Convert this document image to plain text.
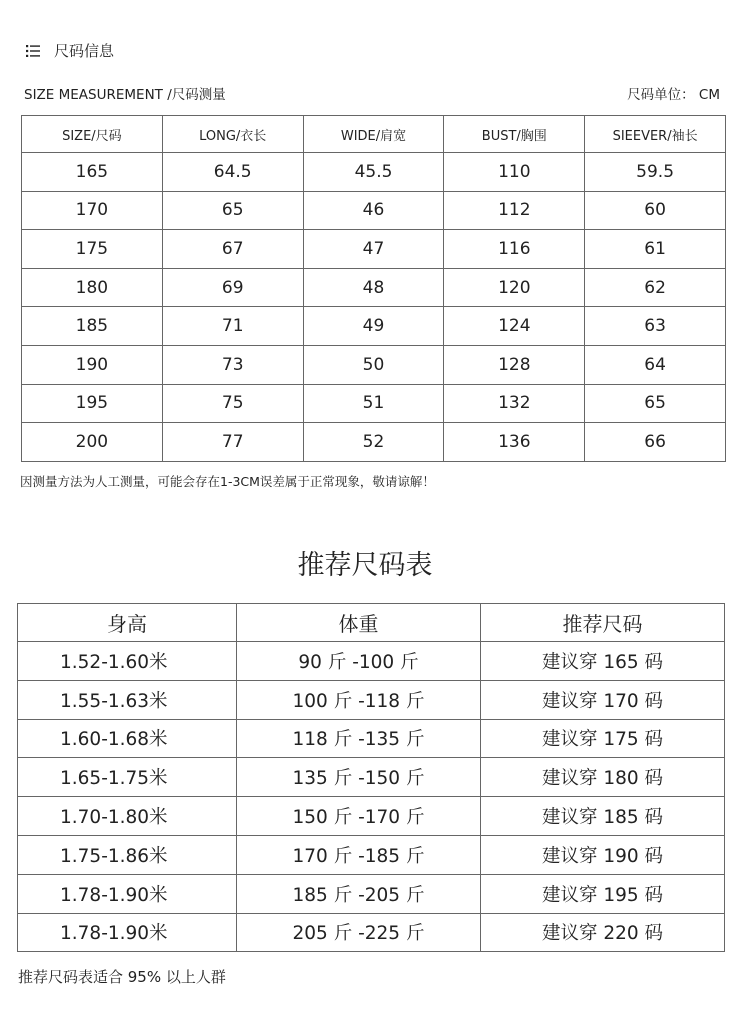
尺码信息
SIZE MEASUREMENT /尺码测量	尺码单位： CM
SIZE/尺码	LONG/衣长	WIDE/肩宽	BUST/胸围	SIEEVER/袖长
165	64.5	45.5	110	59.5
170	65	46	112	60
175	67	47	116	61
180	69	48	120	62
185	71	49	124	63
190	73	50	128	64
195	75	51	132	65
200	77	52	136	66
因测量方法为人工测量，可能会存在1-3CM误差属于正常现象，敬请谅解！
推荐尺码表
身高	体重	推荐尺码
1.52-1.60米	90 斤 -100 斤	建议穿 165 码
1.55-1.63米	100 斤 -118 斤	建议穿 170 码
1.60-1.68米	118 斤 -135 斤	建议穿 175 码
1.65-1.75米	135 斤 -150 斤	建议穿 180 码
1.70-1.80米	150 斤 -170 斤	建议穿 185 码
1.75-1.86米	170 斤 -185 斤	建议穿 190 码
1.78-1.90米	185 斤 -205 斤	建议穿 195 码
1.78-1.90米	205 斤 -225 斤	建议穿 220 码
推荐尺码表适合 95% 以上人群
